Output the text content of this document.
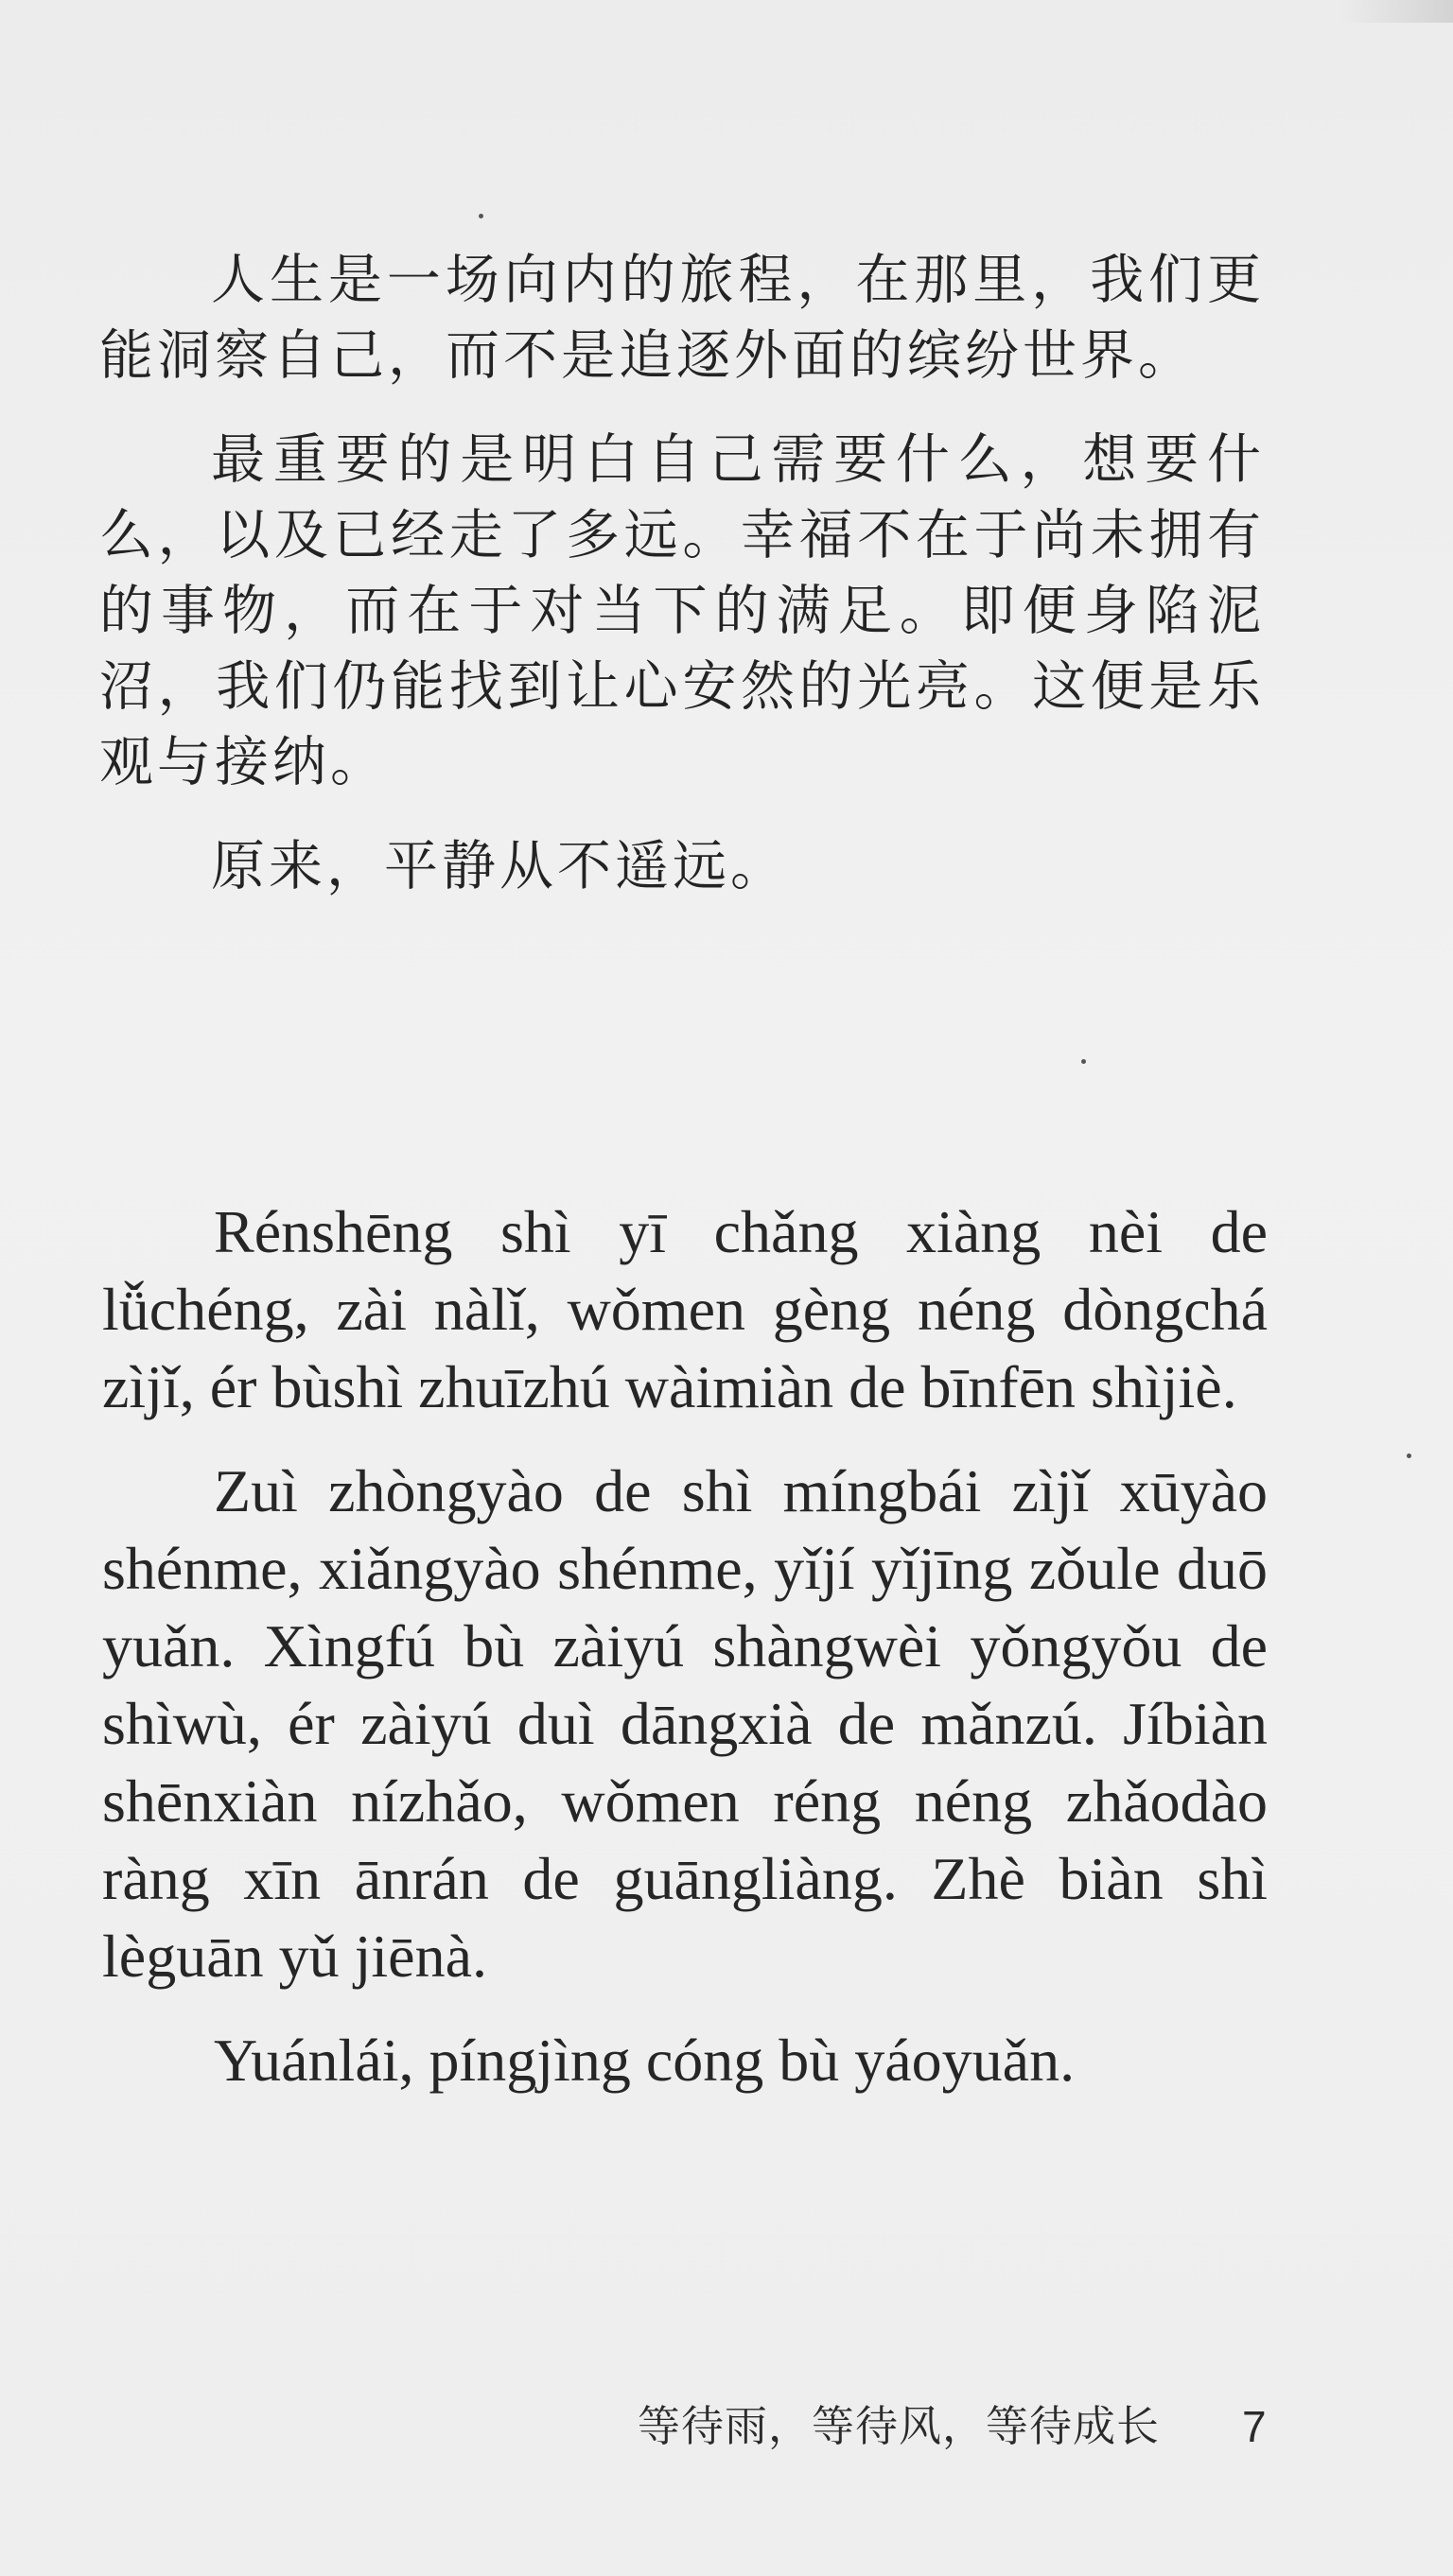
人生是一场向内的旅程，在那里，我们更能洞察自己，而不是追逐外面的缤纷世界。

最重要的是明白自己需要什么，想要什么，以及已经走了多远。幸福不在于尚未拥有的事物，而在于对当下的满足。即便身陷泥沼，我们仍能找到让心安然的光亮。这便是乐观与接纳。

原来，平静从不遥远。

Rénshēng shì yī chǎng xiàng nèi de lǚchéng, zài nàlǐ, wǒmen gèng néng dòngchá zìjǐ, ér bùshì zhuīzhú wàimiàn de bīnfēn shìjiè.

Zuì zhòngyào de shì míngbái zìjǐ xūyào shénme, xiǎngyào shénme, yǐjí yǐjīng zǒule duō yuǎn. Xìngfú bù zàiyú shàngwèi yǒngyǒu de shìwù, ér zàiyú duì dāngxià de mǎnzú. Jíbiàn shēnxiàn nízhǎo, wǒmen réng néng zhǎodào ràng xīn ānrán de guāngliàng. Zhè biàn shì lèguān yǔ jiēnà.

Yuánlái, píngjìng cóng bù yáoyuǎn.

等待雨，等待风，等待成长 7
